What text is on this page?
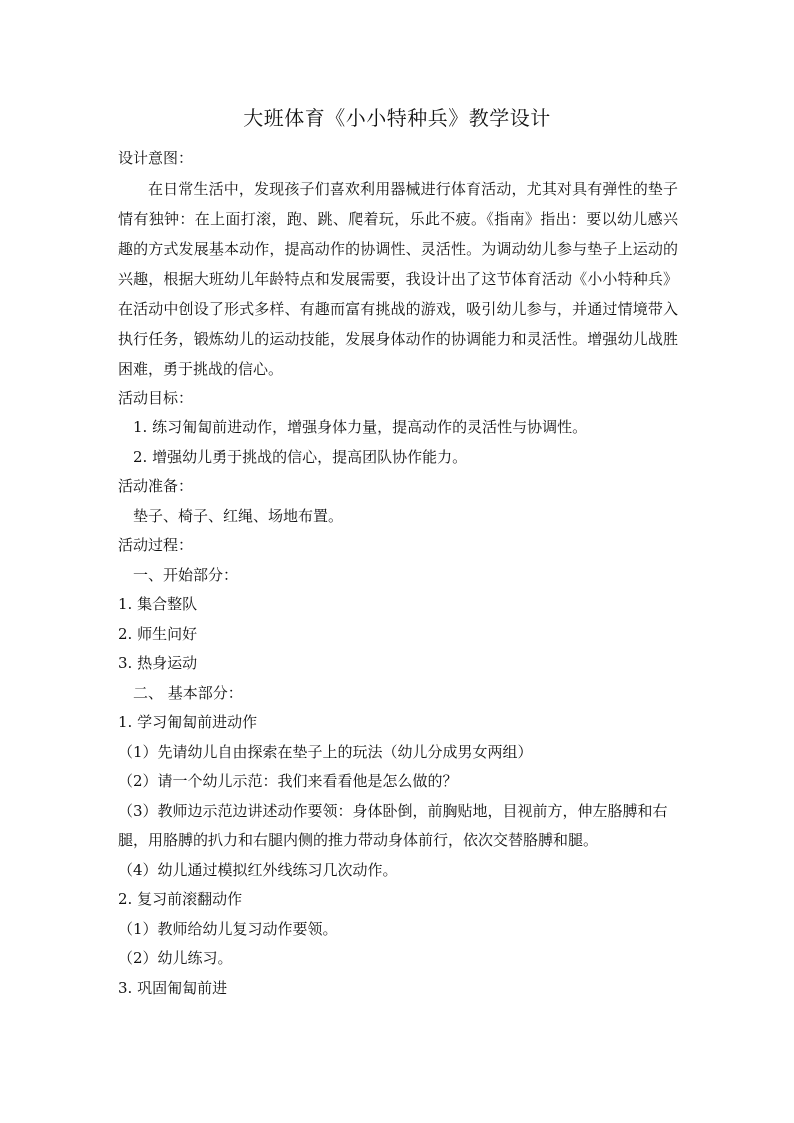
大班体育《小小特种兵》教学设计

设计意图：

在日常生活中，发现孩子们喜欢利用器械进行体育活动，尤其对具有弹性的垫子情有独钟：在上面打滚，跑、跳、爬着玩，乐此不疲。《指南》指出：要以幼儿感兴趣的方式发展基本动作，提高动作的协调性、灵活性。为调动幼儿参与垫子上运动的兴趣，根据大班幼儿年龄特点和发展需要，我设计出了这节体育活动《小小特种兵》在活动中创设了形式多样、有趣而富有挑战的游戏，吸引幼儿参与，并通过情境带入执行任务，锻炼幼儿的运动技能，发展身体动作的协调能力和灵活性。增强幼儿战胜困难，勇于挑战的信心。

活动目标：

1. 练习匍匐前进动作，增强身体力量，提高动作的灵活性与协调性。

2. 增强幼儿勇于挑战的信心，提高团队协作能力。

活动准备：

垫子、椅子、红绳、场地布置。

活动过程：

一、开始部分：

1. 集合整队

2. 师生问好

3. 热身运动

二、 基本部分：

1. 学习匍匐前进动作

（1）先请幼儿自由探索在垫子上的玩法（幼儿分成男女两组）

（2）请一个幼儿示范：我们来看看他是怎么做的？

（3）教师边示范边讲述动作要领：身体卧倒，前胸贴地，目视前方，伸左胳膊和右腿，用胳膊的扒力和右腿内侧的推力带动身体前行，依次交替胳膊和腿。

（4）幼儿通过模拟红外线练习几次动作。

2. 复习前滚翻动作

（1）教师给幼儿复习动作要领。

（2）幼儿练习。

3. 巩固匍匐前进
